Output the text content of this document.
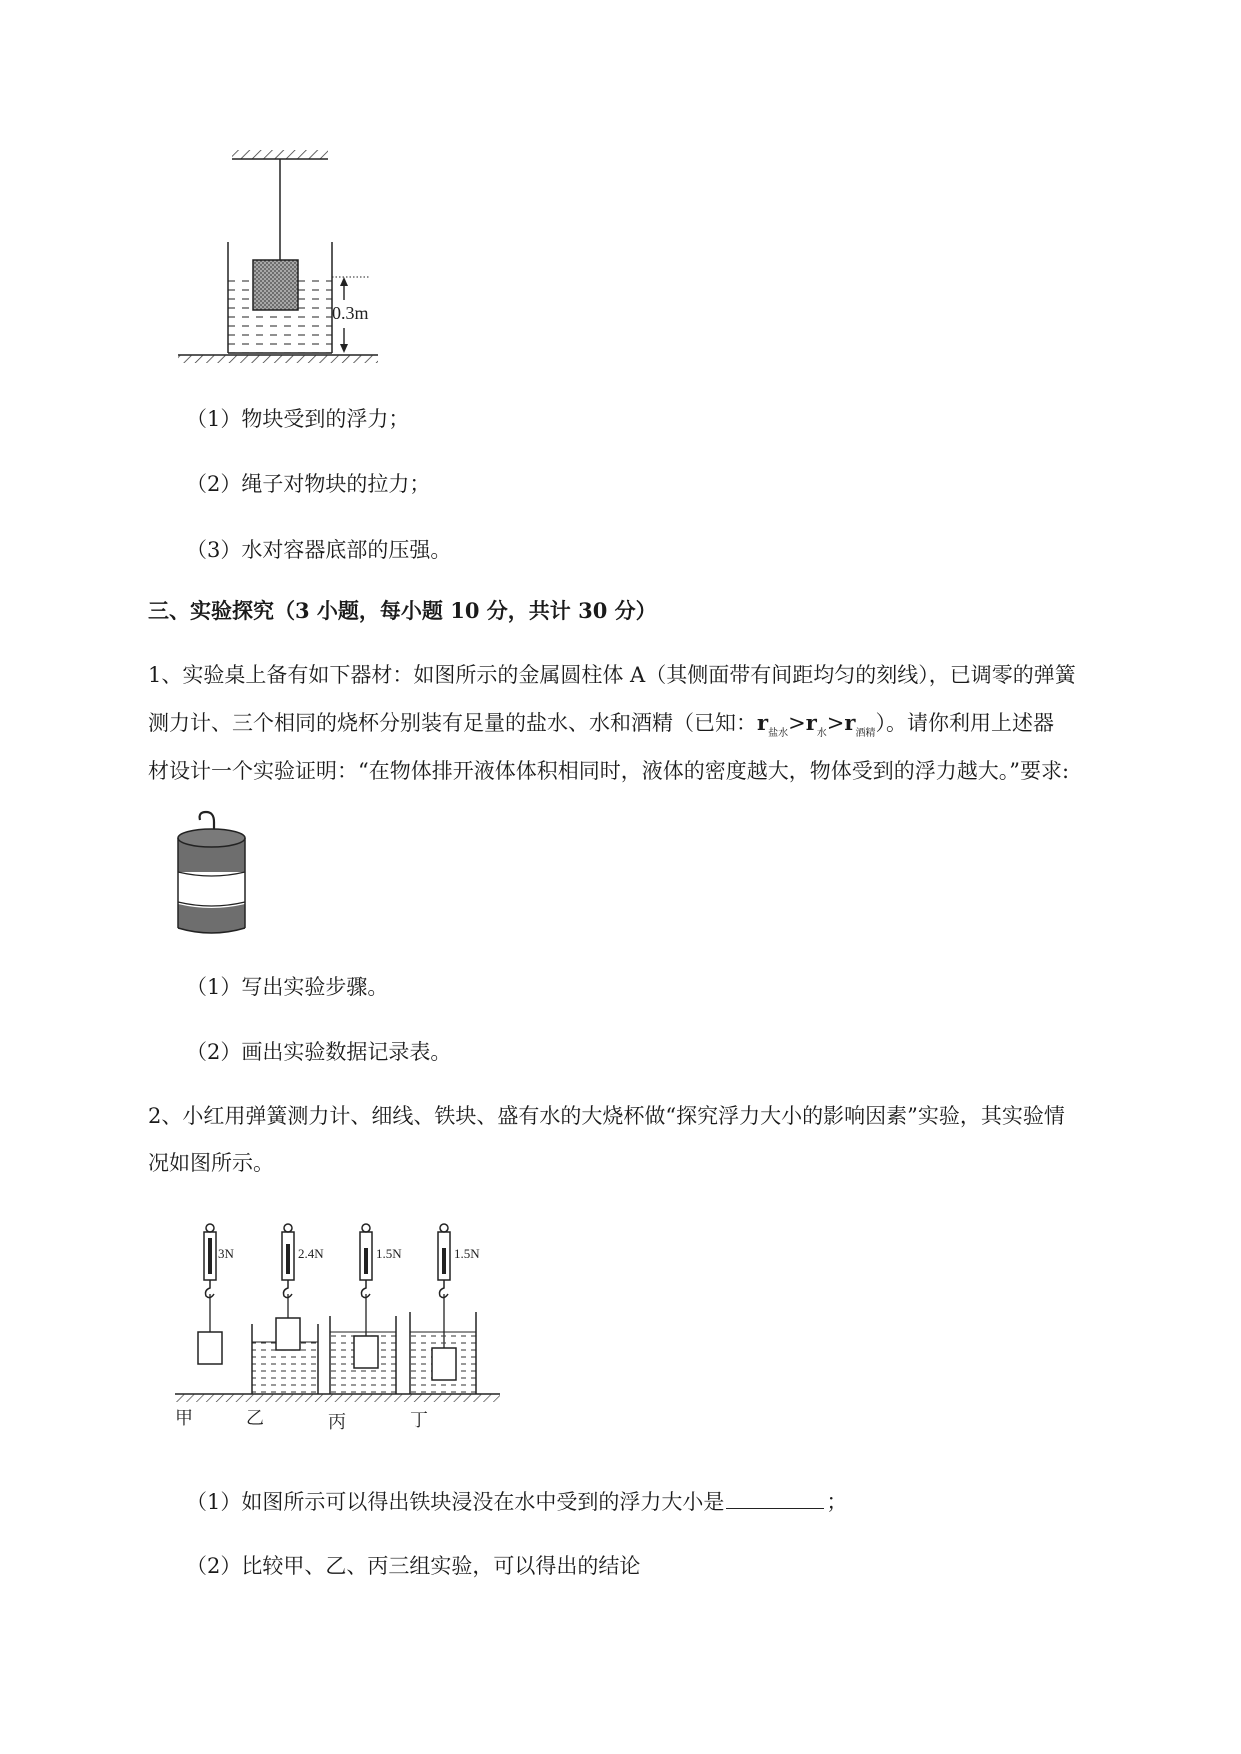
0.3m
（1）物块受到的浮力；
（2）绳子对物块的拉力；
（3）水对容器底部的压强。
三、实验探究（3 小题，每小题 10 分，共计 30 分）
1、实验桌上备有如下器材：如图所示的金属圆柱体 A（其侧面带有间距均匀的刻线），已调零的弹簧
测力计、三个相同的烧杯分别装有足量的盐水、水和酒精（已知：$r_{盐水}>r_水>r_{酒精}$）。请你利用上述器
材设计一个实验证明：“在物体排开液体体积相同时，液体的密度越大，物体受到的浮力越大。”要求:
（1）写出实验步骤。
（2）画出实验数据记录表。
2、小红用弹簧测力计、细线、铁块、盛有水的大烧杯做“探究浮力大小的影响因素”实验，其实验情
况如图所示。
3N	2.4N	1.5N	1.5N
甲	乙	丙	丁
（1）如图所示可以得出铁块浸没在水中受到的浮力大小是	；
（2）比较甲、乙、丙三组实验，可以得出的结论
